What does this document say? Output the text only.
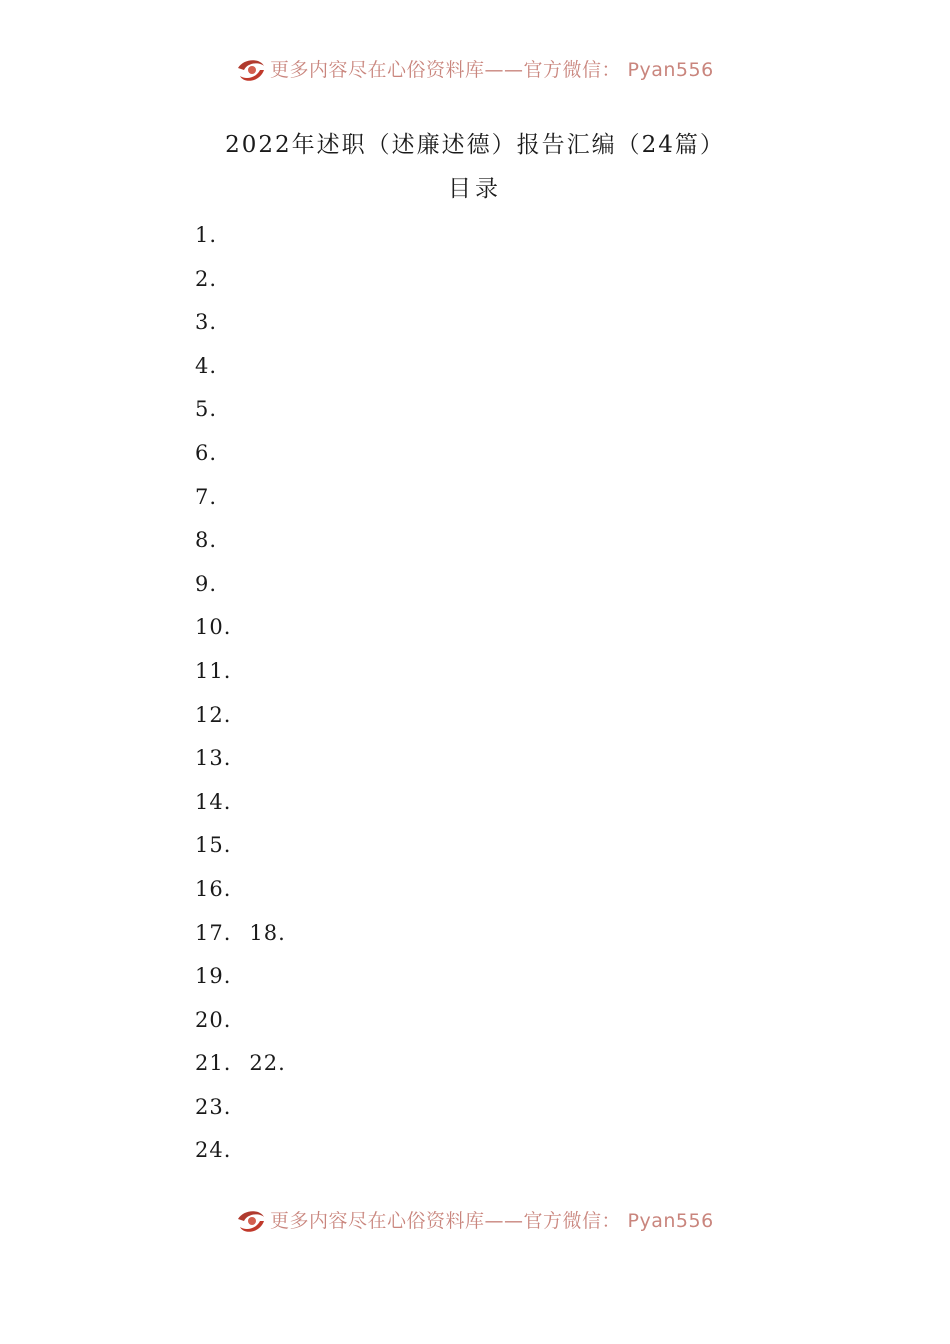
更多内容尽在心俗资料库——官方微信： Pyan556
2022年述职（述廉述德）报告汇编（24篇）
目录
1.
2.
3.
4.
5.
6.
7.
8.
9.
10.
11.
12.
13.
14.
15.
16.
17. 18.
19.
20.
21. 22.
23.
24.
更多内容尽在心俗资料库——官方微信： Pyan556
